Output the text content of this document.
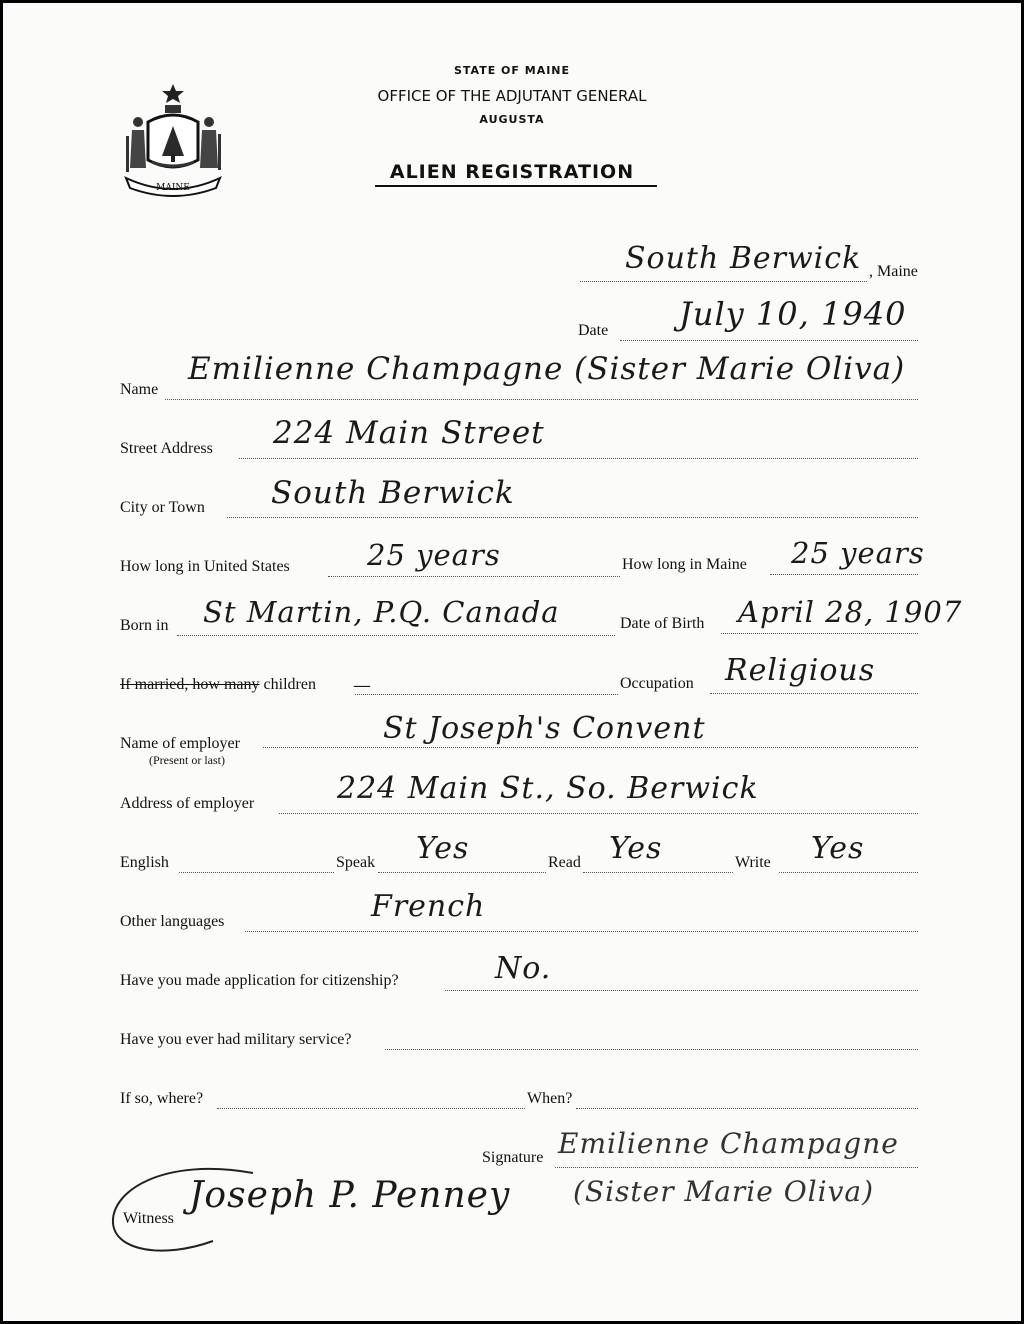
MAINE
STATE OF MAINE
OFFICE OF THE ADJUTANT GENERAL
AUGUSTA
ALIEN REGISTRATION
South Berwick , Maine
Date July 10, 1940
Name
Emilienne Champagne (Sister Marie Oliva)
Street Address 224 Main Street
City or Town South Berwick
How long in United States	25 years	How long in Maine 25 years
Born in St Martin, P.Q. Canada	Date of Birth April 28, 1907
If married, how many children —	Occupation Religious
Name of employer
(Present or last)
St Joseph's Convent
Address of employer	224 Main St., So. Berwick
English	Speak Yes	Read Yes	Write Yes
Other languages	French
Have you made application for citizenship?	No.
Have you ever had military service?
If so, where?	When?
Signature Emilienne Champagne
(Sister Marie Oliva)
Witness
Joseph P. Penney
